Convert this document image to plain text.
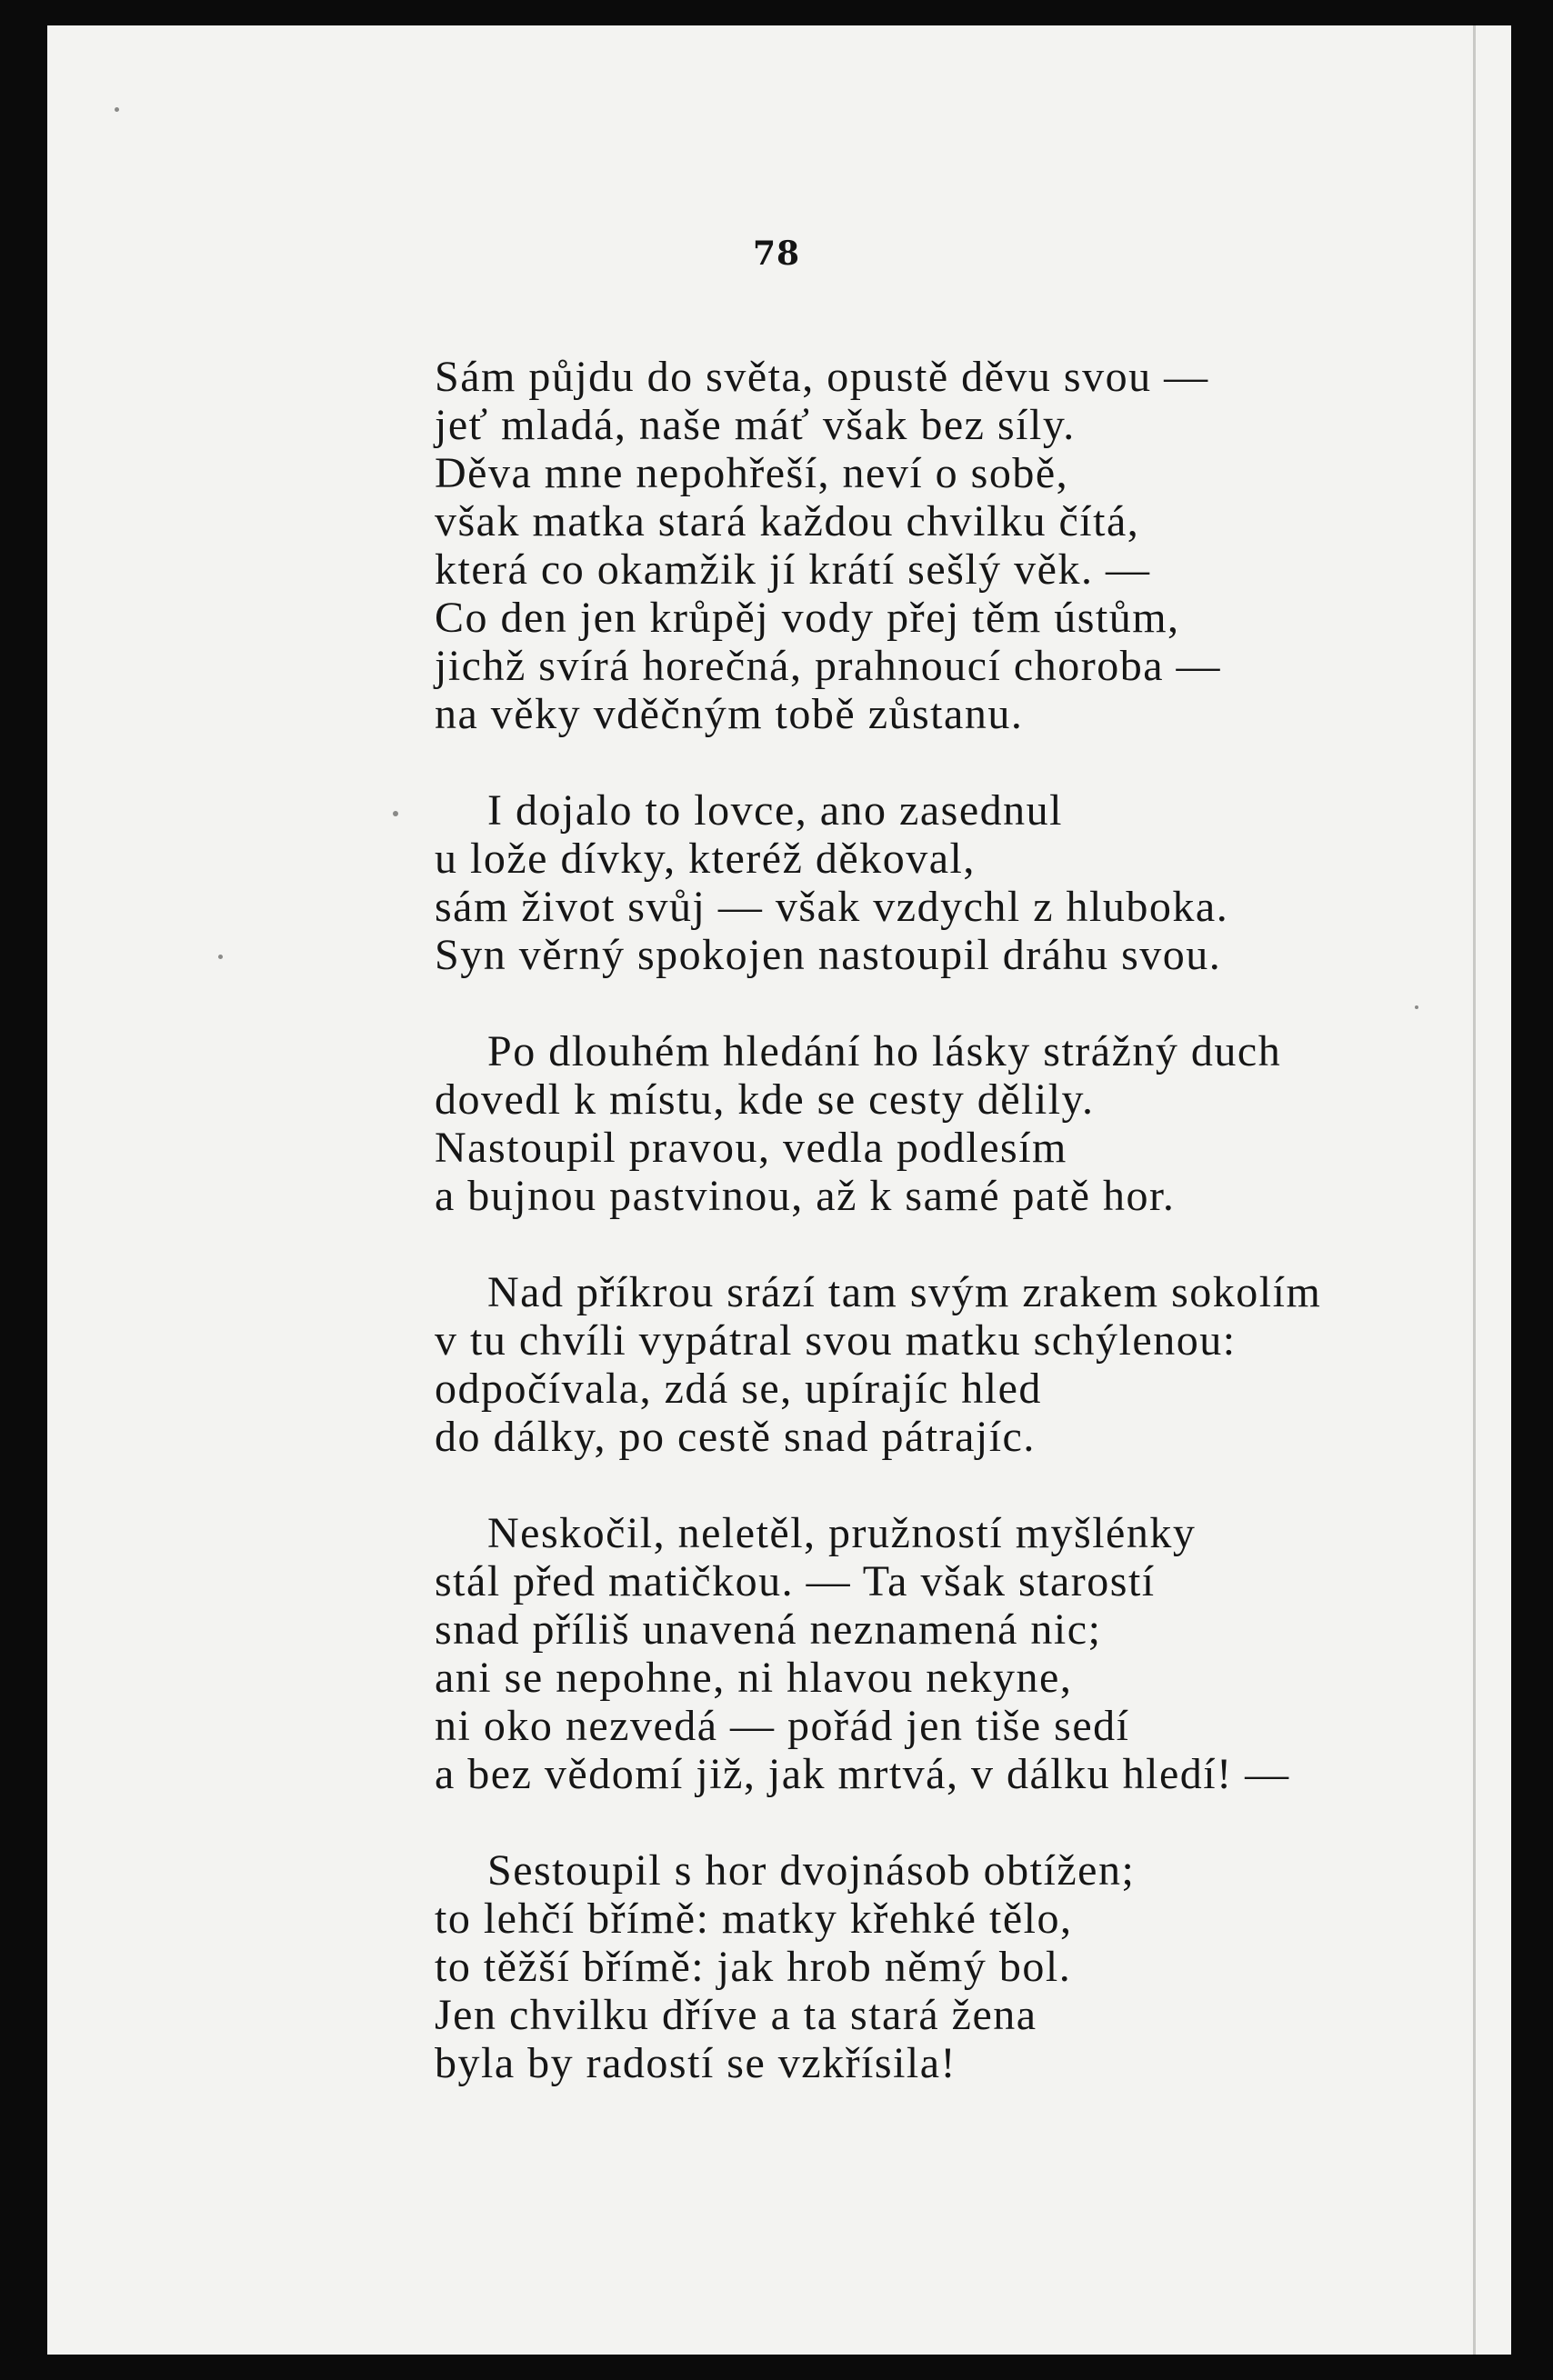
78
Sám půjdu do světa, opustě děvu svou —
jeť mladá, naše máť však bez síly.
Děva mne nepohřeší, neví o sobě,
však matka stará každou chvilku čítá,
která co okamžik jí krátí sešlý věk. —
Co den jen krůpěj vody přej těm ústům,
jichž svírá horečná, prahnoucí choroba —
na věky vděčným tobě zůstanu.
I dojalo to lovce, ano zasednul
u lože dívky, kteréž děkoval,
sám život svůj — však vzdychl z hluboka.
Syn věrný spokojen nastoupil dráhu svou.
Po dlouhém hledání ho lásky strážný duch
dovedl k místu, kde se cesty dělily.
Nastoupil pravou, vedla podlesím
a bujnou pastvinou, až k samé patě hor.
Nad příkrou srází tam svým zrakem sokolím
v tu chvíli vypátral svou matku schýlenou:
odpočívala, zdá se, upírajíc hled
do dálky, po cestě snad pátrajíc.
Neskočil, neletěl, pružností myšlénky
stál před matičkou. — Ta však starostí
snad příliš unavená neznamená nic;
ani se nepohne, ni hlavou nekyne,
ni oko nezvedá — pořád jen tiše sedí
a bez vědomí již, jak mrtvá, v dálku hledí! —
Sestoupil s hor dvojnásob obtížen;
to lehčí břímě: matky křehké tělo,
to těžší břímě: jak hrob němý bol.
Jen chvilku dříve a ta stará žena
byla by radostí se vzkřísila!
